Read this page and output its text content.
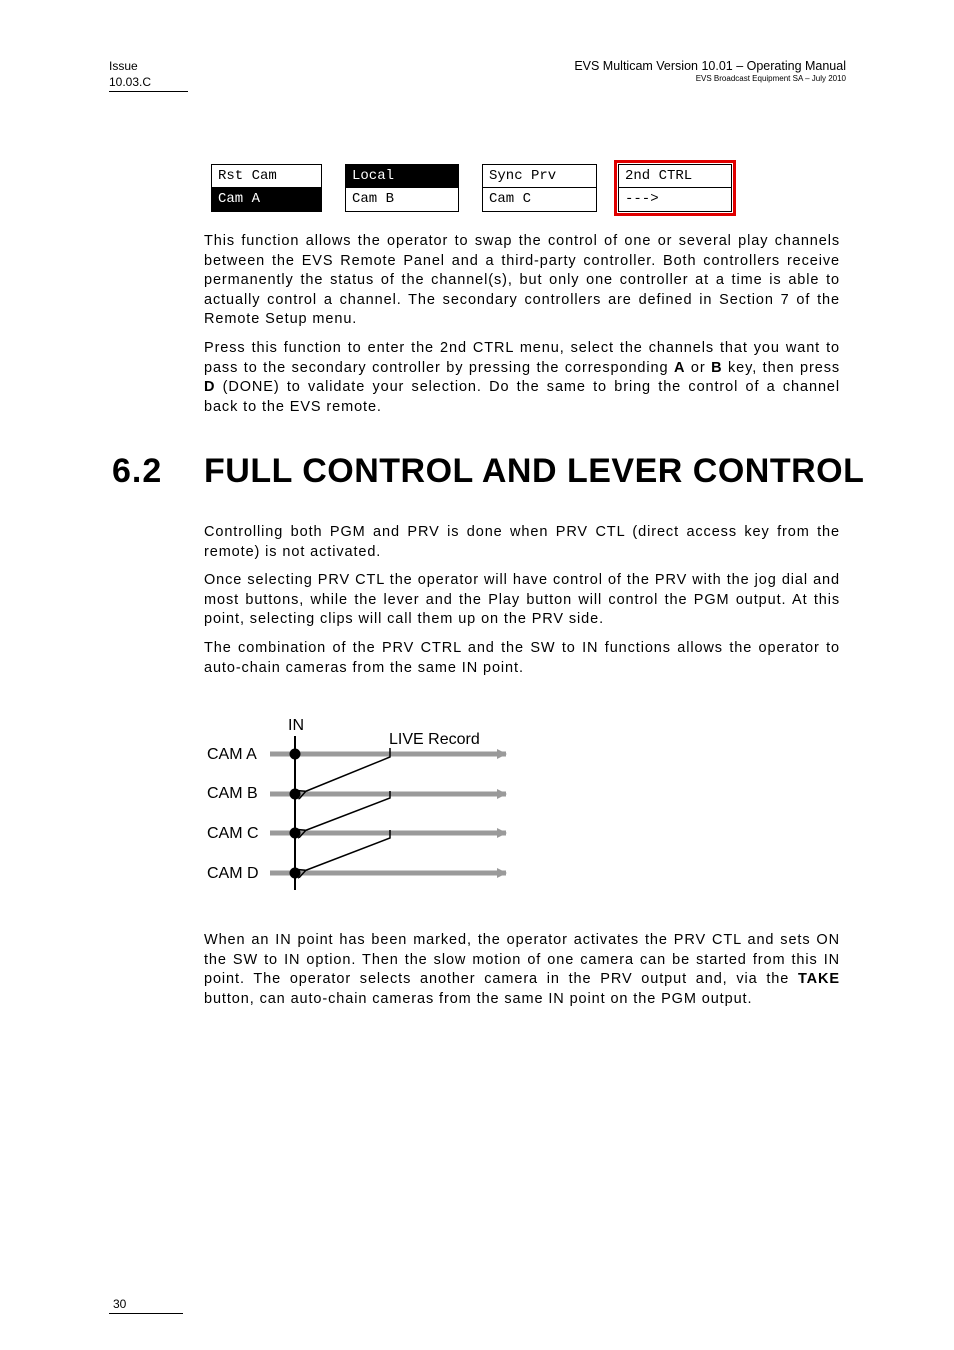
Issue
10.03.C
EVS Multicam Version 10.01 – Operating Manual
EVS Broadcast Equipment SA – July 2010
Rst Cam
Cam A
Local
Cam B
Sync Prv
Cam C
2nd CTRL
--->
This function allows the operator to swap the control of one or several play channels between the EVS Remote Panel and a third-party controller. Both controllers receive permanently the status of the channel(s), but only one controller at a time is able to actually control a channel. The secondary controllers are defined in Section 7 of the Remote Setup menu.
Press this function to enter the 2nd CTRL menu, select the channels that you want to pass to the secondary controller by pressing the corresponding A or B key, then press D (DONE) to validate your selection. Do the same to bring the control of a channel back to the EVS remote.
6.2 FULL CONTROL AND LEVER CONTROL
Controlling both PGM and PRV is done when PRV CTL (direct access key from the remote) is not activated.
Once selecting PRV CTL the operator will have control of the PRV with the jog dial and most buttons, while the lever and the Play button will control the PGM output. At this point, selecting clips will call them up on the PRV side.
The combination of the PRV CTRL and the SW to IN functions allows the operator to auto-chain cameras from the same IN point.
IN
LIVE Record
CAM A
CAM B
CAM C
CAM D
When an IN point has been marked, the operator activates the PRV CTL and sets ON the SW to IN option. Then the slow motion of one camera can be started from this IN point. The operator selects another camera in the PRV output and, via the TAKE button, can auto-chain cameras from the same IN point on the PGM output.
30
